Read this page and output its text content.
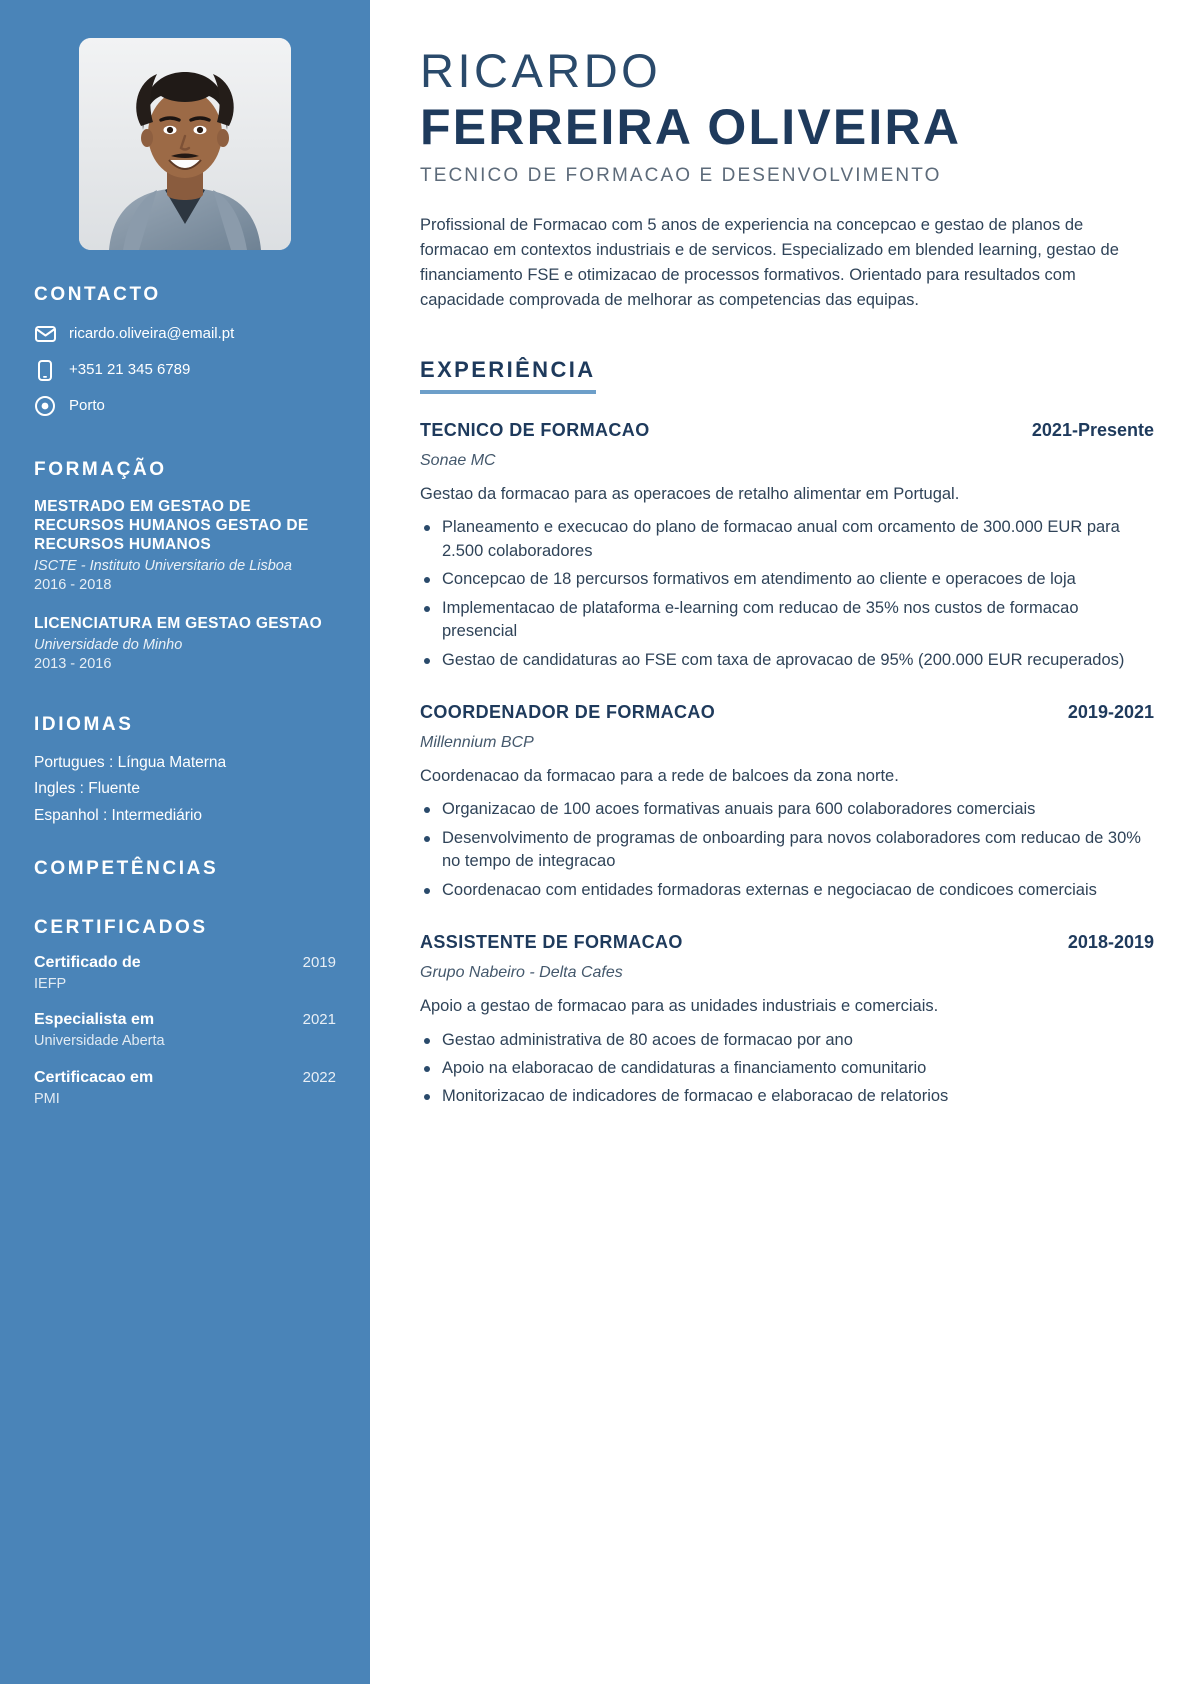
CONTACTO
ricardo.oliveira@email.pt
+351 21 345 6789
Porto
FORMAÇÃO
MESTRADO EM GESTAO DE RECURSOS HUMANOS GESTAO DE RECURSOS HUMANOS
ISCTE - Instituto Universitario de Lisboa
2016 - 2018
LICENCIATURA EM GESTAO GESTAO
Universidade do Minho
2013 - 2016
IDIOMAS
Portugues : Língua Materna
Ingles : Fluente
Espanhol : Intermediário
COMPETÊNCIAS
CERTIFICADOS
Certificado de	2019
IEFP
Especialista em	2021
Universidade Aberta
Certificacao em	2022
PMI
RICARDO
FERREIRA OLIVEIRA
TECNICO DE FORMACAO E DESENVOLVIMENTO

Profissional de Formacao com 5 anos de experiencia na concepcao e gestao de planos de formacao em contextos industriais e de servicos. Especializado em blended learning, gestao de financiamento FSE e otimizacao de processos formativos. Orientado para resultados com capacidade comprovada de melhorar as competencias das equipas.

EXPERIÊNCIA
TECNICO DE FORMACAO	2021-Presente
Sonae MC
Gestao da formacao para as operacoes de retalho alimentar em Portugal.
Planeamento e execucao do plano de formacao anual com orcamento de 300.000 EUR para 2.500 colaboradores
Concepcao de 18 percursos formativos em atendimento ao cliente e operacoes de loja
Implementacao de plataforma e-learning com reducao de 35% nos custos de formacao presencial
Gestao de candidaturas ao FSE com taxa de aprovacao de 95% (200.000 EUR recuperados)
COORDENADOR DE FORMACAO	2019-2021
Millennium BCP
Coordenacao da formacao para a rede de balcoes da zona norte.
Organizacao de 100 acoes formativas anuais para 600 colaboradores comerciais
Desenvolvimento de programas de onboarding para novos colaboradores com reducao de 30% no tempo de integracao
Coordenacao com entidades formadoras externas e negociacao de condicoes comerciais
ASSISTENTE DE FORMACAO	2018-2019
Grupo Nabeiro - Delta Cafes
Apoio a gestao de formacao para as unidades industriais e comerciais.
Gestao administrativa de 80 acoes de formacao por ano
Apoio na elaboracao de candidaturas a financiamento comunitario
Monitorizacao de indicadores de formacao e elaboracao de relatorios
